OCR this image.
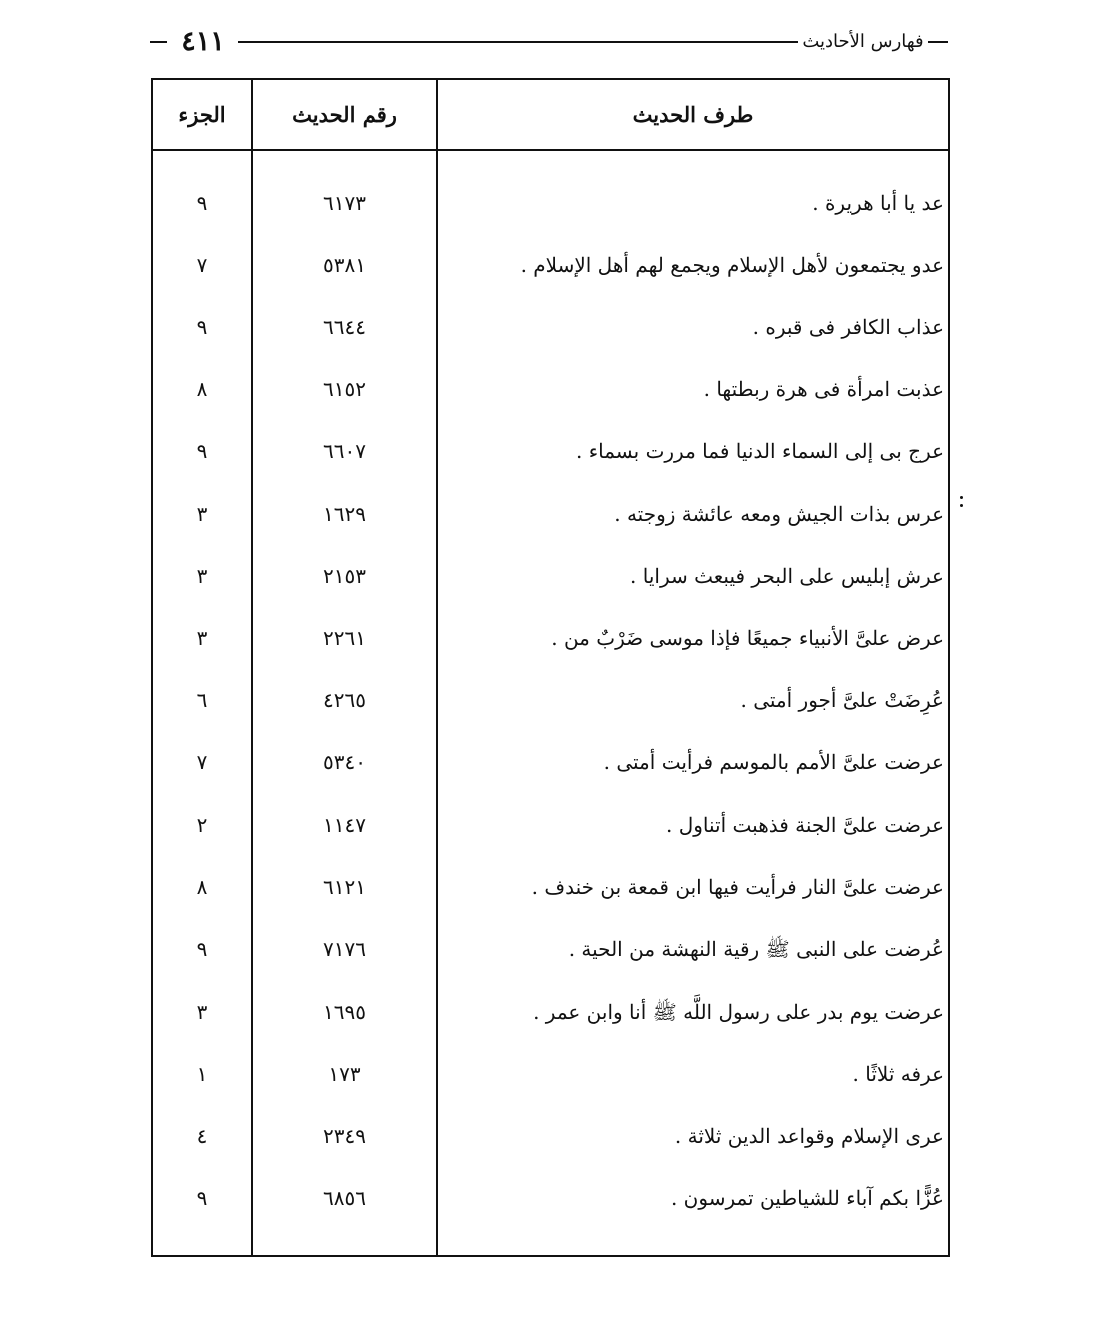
٤١١	فهارس الأحاديث
الجزء	رقم الحديث	طرف الحديث
٩	٦١٧٣	عد يا أبا هريرة .
٧	٥٣٨١	عدو يجتمعون لأهل الإسلام ويجمع لهم أهل الإسلام .
٩	٦٦٤٤	عذاب الكافر فى قبره .
٨	٦١٥٢	عذبت امرأة فى هرة ربطتها .
٩	٦٦٠٧	عرج بى إلى السماء الدنيا فما مررت بسماء .
٣	١٦٢٩	عرس بذات الجيش ومعه عائشة زوجته .
٣	٢١٥٣	عرش إبليس على البحر فيبعث سرايا .
٣	٢٢٦١	عرض علىَّ الأنبياء جميعًا فإذا موسى ضَرْبٌ من .
٦	٤٢٦٥	عُرِضَتْ علىَّ أجور أمتى .
٧	٥٣٤٠	عرضت علىَّ الأمم بالموسم فرأيت أمتى .
٢	١١٤٧	عرضت علىَّ الجنة فذهبت أتناول .
٨	٦١٢١	عرضت علىَّ النار فرأيت فيها ابن قمعة بن خندف .
٩	٧١٧٦	عُرضت على النبى ﷺ رقية النهشة من الحية .
٣	١٦٩٥	عرضت يوم بدر على رسول اللَّه ﷺ أنا وابن عمر .
١	١٧٣	عرفه ثلاثًا .
٤	٢٣٤٩	عرى الإسلام وقواعد الدين ثلاثة .
٩	٦٨٥٦	عُزًّا بكم آباء للشياطين تمرسون .
